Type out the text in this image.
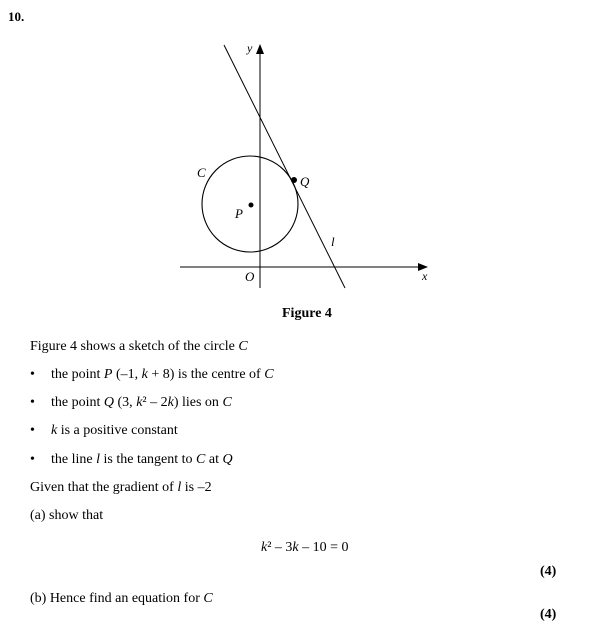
10.
y
x
O
C
P
Q
l
Figure 4
Figure 4 shows a sketch of the circle C
• the point P (–1, k + 8) is the centre of C
• the point Q (3, k² – 2k) lies on C
• k is a positive constant
• the line l is the tangent to C at Q
Given that the gradient of l is –2
(a) show that
k² – 3k – 10 = 0
(4)
(b) Hence find an equation for C
(4)
